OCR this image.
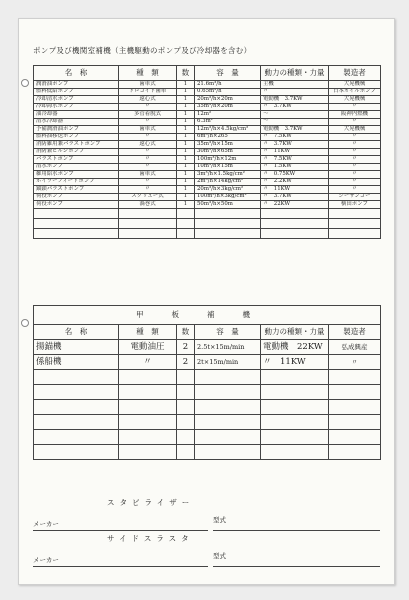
ポンプ及び機関室補機（主機駆動のポンプ及び冷却器を含む）
名　称	種　類	数	容　量	動力の種類・力量	製造者
潤滑油ポンプ	歯車式	1	21.6m³/h	主機	大晃機械
燃料低給ポンプ	トロコイド歯車	1	0.65m³/h	〃	日本オイルポンプ
冷却清水ポンプ	遠心式	1	20m³/h×20m	電動機　3.7KW	大晃機械
冷却海水ポンプ	〃	1	35m³/h×20m	〃　3.7KW	〃
油冷却器	多管着脱式	1	12m²	〜	阪神内燃機
清水冷却器	〃	1	6.3m²	〜	〃
予備潤滑油ポンプ	歯車式	1	12m³/h×4.5kg/cm²	電動機　3.7KW	大晃機械
燃料油移送ポンプ	〃	1	6m³/h×265	〃　7.5KW	〃
消防雑用兼バラストポンプ	遠心式	1	35m³/h×15m	〃　3.7KW	〃
消防兼ビルジポンプ	〃	1	30m³/h×65m	〃　11KW	〃
バラストポンプ	〃	1	100m³/h×12m	〃　7.5KW	〃
清水ポンプ	〃	1	10m³/h×15m	〃　1.5KW	〃
雑用給水ポンプ	歯車式	1	3m³/h×1.5kg/cm²	〃　0.75KW	〃
ボイラーフィードポンプ	〃	1	2m³/h×14kg/cm²	〃　2.2KW	〃
錨鎖バラストポンプ	〃	1	20m³/h×3kg/cm²	〃　11KW	〃
荷役ポンプ	スクリュー式	1	100m³/h×3kg/cm²	〃　3.7KW	シーサンコー
荷役ポンプ	渦巻式	1	50m³/h×50m	〃　22KW	横田ポンプ

甲板補機					
名　称	種　類	数	容　量	動力の種類・力量	製造者
揚錨機	電動油圧	2	2.5t×15m/min	電動機　22KW	弘成興産
係船機	〃	2	2t×15m/min	〃　11KW	〃

スタビライザー
メーカー	型式
サイドスラスタ
メーカー	型式
